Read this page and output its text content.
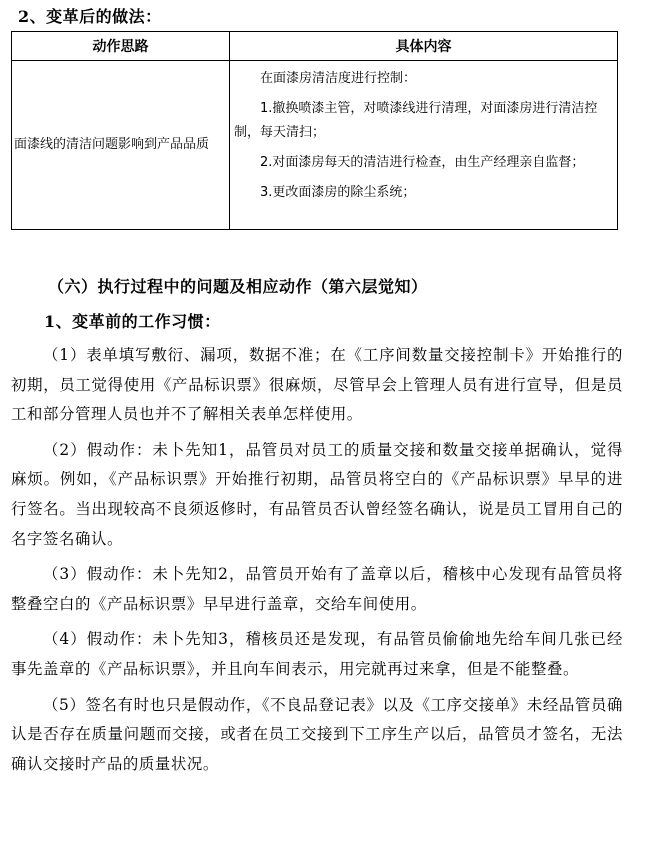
2、变革后的做法：
动作思路	具体内容

面漆线的清洁问题影响到产品品质	在面漆房清洁度进行控制：

1.撤换喷漆主管，对喷漆线进行清理，对面漆房进行清洁控制，每天清扫；

2.对面漆房每天的清洁进行检查，由生产经理亲自监督；

3.更改面漆房的除尘系统；

（六）执行过程中的问题及相应动作（第六层觉知）
1、变革前的工作习惯：

（1）表单填写敷衍、漏项，数据不准；在《工序间数量交接控制卡》开始推行的初期，员工觉得使用《产品标识票》很麻烦，尽管早会上管理人员有进行宣导，但是员工和部分管理人员也并不了解相关表单怎样使用。

（2）假动作：未卜先知1，品管员对员工的质量交接和数量交接单据确认，觉得麻烦。例如，《产品标识票》开始推行初期，品管员将空白的《产品标识票》早早的进行签名。当出现较高不良须返修时，有品管员否认曾经签名确认，说是员工冒用自己的名字签名确认。

（3）假动作：未卜先知2，品管员开始有了盖章以后，稽核中心发现有品管员将整叠空白的《产品标识票》早早进行盖章，交给车间使用。

（4）假动作：未卜先知3，稽核员还是发现，有品管员偷偷地先给车间几张已经事先盖章的《产品标识票》，并且向车间表示，用完就再过来拿，但是不能整叠。

（5）签名有时也只是假动作，《不良品登记表》以及《工序交接单》未经品管员确认是否存在质量问题而交接，或者在员工交接到下工序生产以后，品管员才签名，无法确认交接时产品的质量状况。
